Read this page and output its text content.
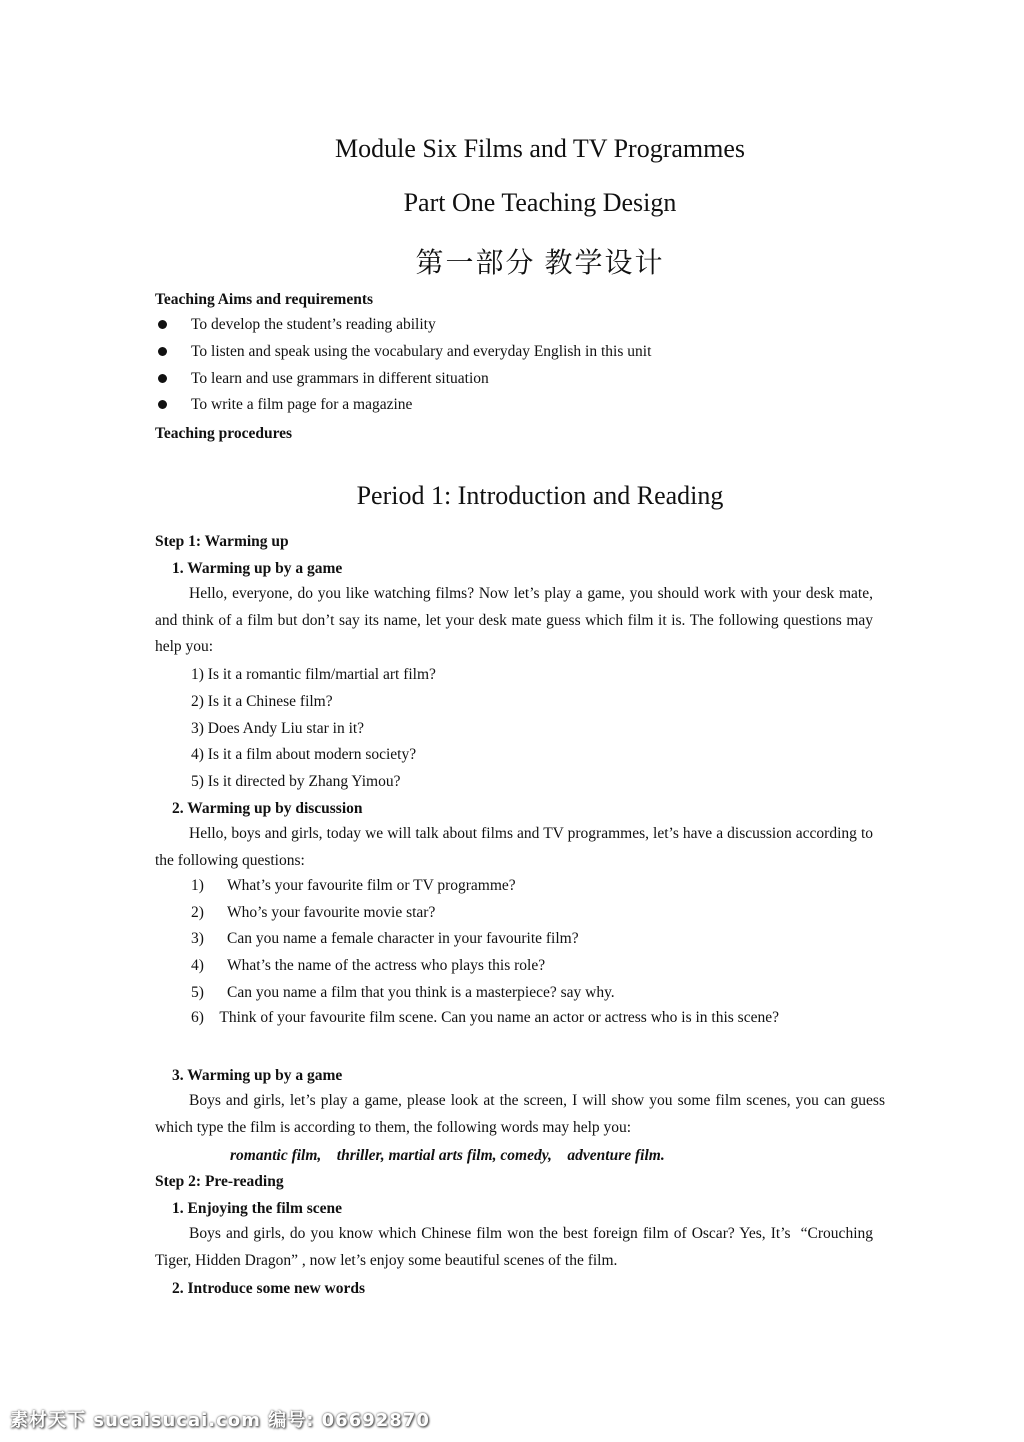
Module Six Films and TV Programmes
Part One Teaching Design
第一部分 教学设计
Teaching Aims and requirements
To develop the student’s reading ability
To listen and speak using the vocabulary and everyday English in this unit
To learn and use grammars in different situation
To write a film page for a magazine
Teaching procedures
Period 1: Introduction and Reading
Step 1: Warming up
1. Warming up by a game
Hello, everyone, do you like watching films? Now let’s play a game, you should work with your desk mate, and think of a film but don’t say its name, let your desk mate guess which film it is. The following questions may help you:
1) Is it a romantic film/martial art film?
2) Is it a Chinese film?
3) Does Andy Liu star in it?
4) Is it a film about modern society?
5) Is it directed by Zhang Yimou?
2. Warming up by discussion
Hello, boys and girls, today we will talk about films and TV programmes, let’s have a discussion according to the following questions:
1) What’s your favourite film or TV programme?
2) Who’s your favourite movie star?
3) Can you name a female character in your favourite film?
4) What’s the name of the actress who plays this role?
5) Can you name a film that you think is a masterpiece? say why.
6) Think of your favourite film scene. Can you name an actor or actress who is in this scene?
3. Warming up by a game
Boys and girls, let’s play a game, please look at the screen, I will show you some film scenes, you can guess which type the film is according to them, the following words may help you:
romantic film,    thriller, martial arts film, comedy,    adventure film.
Step 2: Pre-reading
1. Enjoying the film scene
Boys and girls, do you know which Chinese film won the best foreign film of Oscar? Yes, It’s  “Crouching Tiger, Hidden Dragon” , now let’s enjoy some beautiful scenes of the film.
2. Introduce some new words
素材天下 sucaisucai.com 编号: 06692870
